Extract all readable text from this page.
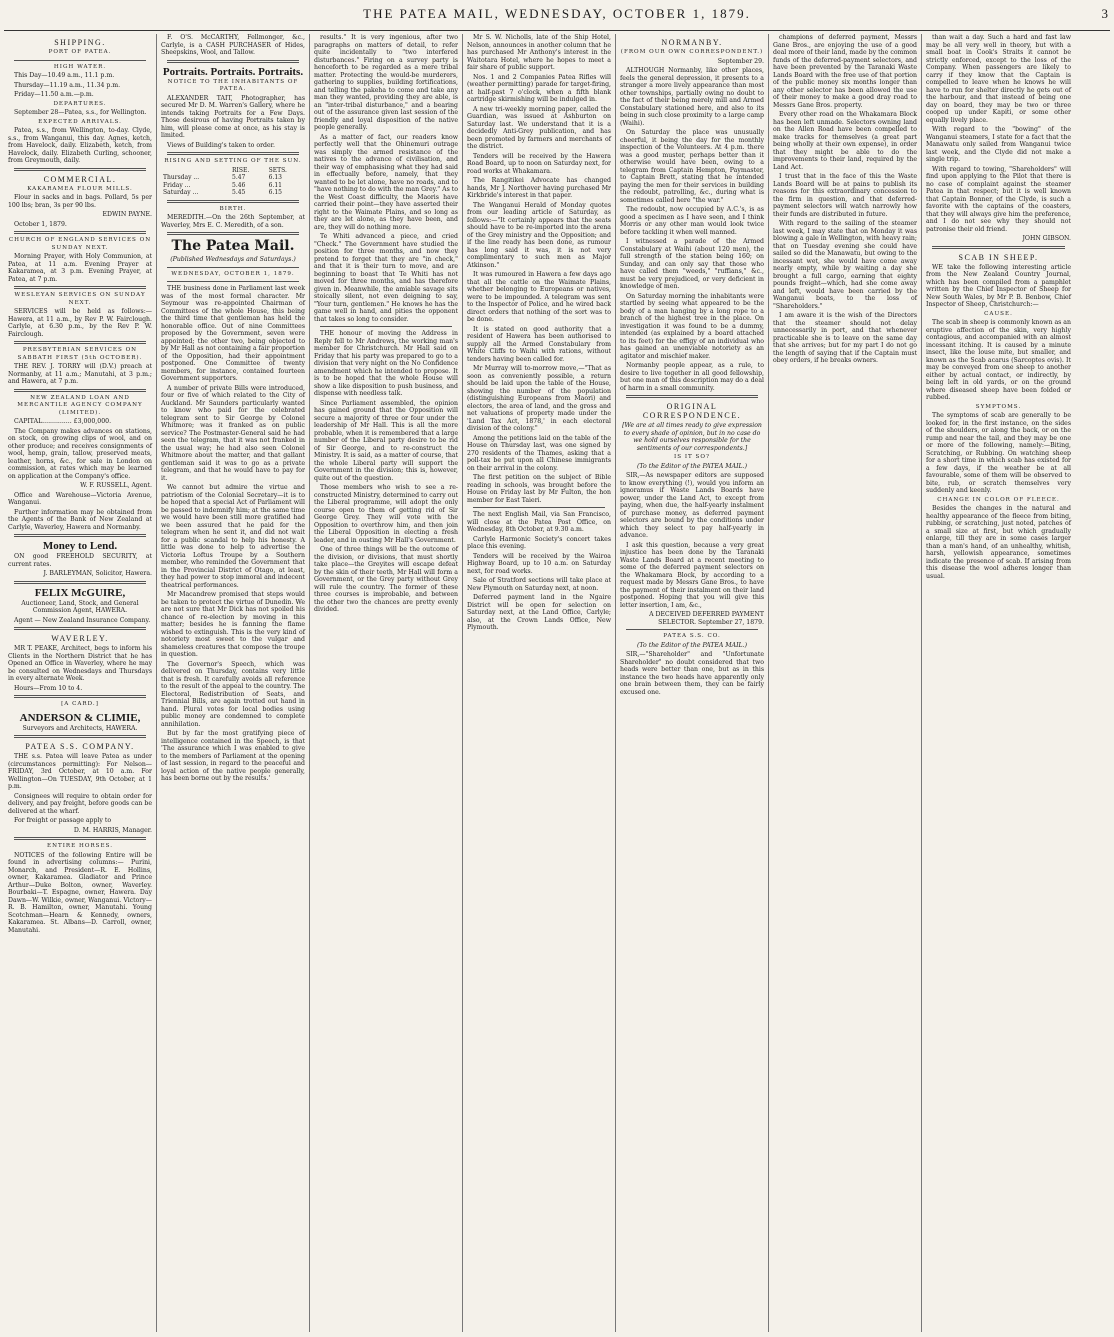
THE PATEA MAIL, WEDNESDAY, OCTOBER 1, 1879.	3
SHIPPING.
PORT OF PATEA.
HIGH WATER.

This Day—10.49 a.m., 11.1 p.m.

Thursday—11.19 a.m., 11.34 p.m.

Friday—11.50 a.m.—p.m.

DEPARTURES.

September 28—Patea, s.s., for Wellington.

EXPECTED ARRIVALS.

Patea, s.s., from Wellington, to-day. Clyde, s.s., from Wanganui, this day. Agnes, ketch, from Havelock, daily. Elizabeth, ketch, from Havelock, daily. Elizabeth Curling, schooner, from Greymouth, daily.

COMMERCIAL.
KAKARAMEA FLOUR MILLS.

Flour in sacks and in bags. Pollard, 5s per 100 lbs; bran, 3s per 90 lbs.

EDWIN PAYNE.

October 1, 1879.

CHURCH OF ENGLAND SERVICES ON SUNDAY NEXT.

Morning Prayer, with Holy Communion, at Patea, at 11 a.m. Evening Prayer at Kakaramea, at 3 p.m. Evening Prayer, at Patea, at 7 p.m.

WESLEYAN SERVICES ON SUNDAY NEXT.

SERVICES will be held as follows:— Hawera, at 11 a.m., by Rev P. W. Fairclough. Carlyle, at 6.30 p.m., by the Rev P. W. Fairclough.

PRESBYTERIAN SERVICES ON SABBATH FIRST (5th OCTOBER).

THE REV. J. TORRY will (D.V.) preach at Normanby, at 11 a.m.; Manutahi, at 3 p.m.; and Hawera, at 7 p.m.

NEW ZEALAND LOAN AND MERCANTILE AGENCY COMPANY (LIMITED).

CAPITAL............... £3,000,000.

The Company makes advances on stations, on stock, on growing clips of wool, and on other produce; and receives consignments of wool, hemp, grain, tallow, preserved meats, leather, horns, &c., for sale in London on commission, at rates which may be learned on application at the Company's office.

W. F. RUSSELL, Agent.

Office and Warehouse—Victoria Avenue, Wanganui.

Further information may be obtained from the Agents of the Bank of New Zealand at Carlyle, Waverley, Hawera and Normanby.

Money to Lend.

ON good FREEHOLD SECURITY, at current rates.

J. BARLEYMAN, Solicitor, Hawera.

FELIX McGUIRE,

Auctioneer, Land, Stock, and General Commission Agent, HAWERA.

Agent — New Zealand Insurance Company.

WAVERLEY.

MR T. PEAKE, Architect, begs to inform his Clients in the Northern District that he has Opened an Office in Waverley, where he may be consulted on Wednesdays and Thursdays in every alternate Week.

Hours—From 10 to 4.

[A CARD.]
ANDERSON & CLIMIE,

Surveyors and Architects, HAWERA.

PATEA S.S. COMPANY.

THE s.s. Patea will leave Patea as under (circumstances permitting): For Nelson—FRIDAY, 3rd October, at 10 a.m. For Wellington—On TUESDAY, 9th October, at 1 p.m.

Consignees will require to obtain order for delivery, and pay freight, before goods can be delivered at the wharf.

For freight or passage apply to

D. M. HARRIS, Manager.

ENTIRE HORSES.

NOTICES of the following Entire will be found in advertising columns:— Purini, Monarch, and President—R. E. Hollins, owner, Kakaramea. Gladiator and Prince Arthur—Duke Bolton, owner, Waverley. Bourbaki—T. Espagne, owner, Hawera. Day Dawn—W. Wilkie, owner, Wanganui. Victory—R. B. Hamilton, owner, Manutahi. Young Scotchman—Hearn & Kennedy, owners, Kakaramea. St. Albans—D. Carroll, owner, Manutahi.

F. O'S. McCARTHY, Fellmonger, &c., Carlyle, is a CASH PURCHASER of Hides, Sheepskins, Wool, and Tallow.

Portraits. Portraits. Portraits.
NOTICE TO THE INHABITANTS OF PATEA.

ALEXANDER TAIT, Photographer, has secured Mr D. M. Warren's Gallery, where he intends taking Portraits for a Few Days. Those desirous of having Portraits taken by him, will please come at once, as his stay is limited.

Views of Building's taken to order.

RISING AND SETTING OF THE SUN.
	RISE.	SETS.
Thursday ...	5.47	6.13
Friday ...	5.46	6.11
Saturday ...	5.45	6.15
BIRTH.

MEREDITH.—On the 26th September, at Waverley, Mrs E. C. Meredith, of a son.

The Patea Mail.

(Published Wednesdays and Saturdays.)

WEDNESDAY, OCTOBER 1, 1879.

THE business done in Parliament last week was of the most formal character. Mr Seymour was re-appointed Chairman of Committees of the whole House, this being the third time that gentleman has held the honorable office. Out of nine Committees proposed by the Government, seven were appointed; the other two, being objected to by Mr Hall as not containing a fair proportion of the Opposition, had their appointment postponed. One Committee of twenty members, for instance, contained fourteen Government supporters.

A number of private Bills were introduced, four or five of which related to the City of Auckland. Mr Saunders particularly wanted to know who paid for the celebrated telegram sent to Sir George by Colonel Whitmore; was it franked as on public service? The Postmaster-General said he had seen the telegram, that it was not franked in the usual way; he had also seen Colonel Whitmore about the matter, and that gallant gentleman said it was to go as a private telegram, and that he would have to pay for it.

We cannot but admire the virtue and patriotism of the Colonial Secretary—it is to be hoped that a special Act of Parliament will be passed to indemnify him; at the same time we would have been still more gratified had we been assured that he paid for the telegram when he sent it, and did not wait for a public scandal to help his honesty. A little was done to help to advertise the Victoria Loftus Troupe by a Southern member, who reminded the Government that in the Provincial District of Otago, at least, they had power to stop immoral and indecent theatrical performances.

Mr Macandrew promised that steps would be taken to protect the virtue of Dunedin. We are not sure that Mr Dick has not spoiled his chance of re-election by moving in this matter; besides he is fanning the flame wished to extinguish. This is the very kind of notoriety most sweet to the vulgar and shameless creatures that compose the troupe in question.

The Governor's Speech, which was delivered on Thursday, contains very little that is fresh. It carefully avoids all reference to the result of the appeal to the country. The Electoral, Redistribution of Seats, and Triennial Bills, are again trotted out hand in hand. Plural votes for local bodies using public money are condemned to complete annihilation.

But by far the most gratifying piece of intelligence contained in the Speech, is that 'The assurance which I was enabled to give to the members of Parliament at the opening of last session, in regard to the peaceful and loyal action of the native people generally, has been borne out by the results.'

results." It is very ingenious, after two paragraphs on matters of detail, to refer quite incidentally to "two interfered disturbances." Firing on a survey party is henceforth to be regarded as a mere tribal matter. Protecting the would-be murderers, gathering to supplies, building fortifications, and telling the pakeha to come and take any man they wanted, providing they are able, is an "inter-tribal disturbance," and a bearing out of the assurance given last session of the friendly and loyal disposition of the native people generally.

As a matter of fact, our readers know perfectly well that the Ohinemuri outrage was simply the armed resistance of the natives to the advance of civilisation, and their way of emphasising what they had said in effectually before, namely, that they wanted to be let alone, have no roads, and to "have nothing to do with the man Grey." As to the West Coast difficulty, the Maoris have carried their point—they have asserted their right to the Waimate Plains, and so long as they are let alone, as they have been, and are, they will do nothing more.

Te Whiti advanced a piece, and cried "Check." The Government have studied the position for three months, and now they pretend to forget that they are "in check," and that it is their turn to move, and are beginning to boast that Te Whiti has not moved for three months, and has therefore given in. Meanwhile, the amiable savage sits stoically silent, not even deigning to say, "Your turn, gentlemen." He knows he has the game well in hand, and pities the opponent that takes so long to consider.

THE honour of moving the Address in Reply fell to Mr Andrews, the working man's member for Christchurch. Mr Hall said on Friday that his party was prepared to go to a division that very night on the No Confidence amendment which he intended to propose. It is to be hoped that the whole House will show a like disposition to push business, and dispense with needless talk.

Since Parliament assembled, the opinion has gained ground that the Opposition will secure a majority of three or four under the leadership of Mr Hall. This is all the more probable, when it is remembered that a large number of the Liberal party desire to be rid of Sir George, and to re-construct the Ministry. It is said, as a matter of course, that the whole Liberal party will support the Government in the division; this is, however, quite out of the question.

Those members who wish to see a re-constructed Ministry, determined to carry out the Liberal programme, will adopt the only course open to them of getting rid of Sir George Grey. They will vote with the Opposition to overthrow him, and then join the Liberal Opposition in electing a fresh leader, and in ousting Mr Hall's Government.

One of three things will be the outcome of the division, or divisions, that must shortly take place—the Greyites will escape defeat by the skin of their teeth, Mr Hall will form a Government, or the Grey party without Grey will rule the country. The former of these three courses is improbable, and between the other two the chances are pretty evenly divided.

Mr S. W. Nicholls, late of the Ship Hotel, Nelson, announces in another column that he has purchased Mr Anthony's interest in the Waitotara Hotel, where he hopes to meet a fair share of public support.

Nos. 1 and 2 Companies Patea Rifles will (weather permitting) parade for target-firing, at half-past 7 o'clock, when a fifth blank cartridge skirmishing will be indulged in.

A new tri-weekly morning paper, called the Guardian, was issued at Ashburton on Saturday last. We understand that it is a decidedly Anti-Grey publication, and has been promoted by farmers and merchants of the district.

Tenders will be received by the Hawera Road Board, up to noon on Saturday next, for road works at Whakamara.

The Rangitikei Advocate has changed hands, Mr J. Northover having purchased Mr Kirkbride's interest in that paper.

The Wanganui Herald of Monday quotes from our leading article of Saturday, as follows:—"It certainly appears that the seats should have to be re-imported into the arena of the Grey ministry and the Opposition; and if the line ready has been done, as rumour has long said it was, it is not very complimentary to such men as Major Atkinson."

It was rumoured in Hawera a few days ago that all the cattle on the Waimate Plains, whether belonging to Europeans or natives, were to be impounded. A telegram was sent to the Inspector of Police, and he wired back direct orders that nothing of the sort was to be done.

It is stated on good authority that a resident of Hawera has been authorised to supply all the Armed Constabulary from White Cliffs to Waihi with rations, without tenders having been called for.

Mr Murray will to-morrow move,—"That as soon as conveniently possible, a return should be laid upon the table of the House, showing the number of the population (distinguishing Europeans from Maori) and electors, the area of land, and the gross and net valuations of property made under the 'Land Tax Act, 1878,' in each electoral division of the colony."

Among the petitions laid on the table of the House on Thursday last, was one signed by 270 residents of the Thames, asking that a poll-tax be put upon all Chinese immigrants on their arrival in the colony.

The first petition on the subject of Bible reading in schools, was brought before the House on Friday last by Mr Fulton, the hon member for East Taieri.

The next English Mail, via San Francisco, will close at the Patea Post Office, on Wednesday, 8th October, at 9.30 a.m.

Carlyle Harmonic Society's concert takes place this evening.

Tenders will be received by the Wairoa Highway Board, up to 10 a.m. on Saturday next, for road works.

Sale of Stratford sections will take place at New Plymouth on Saturday next, at noon.

Deferred payment land in the Ngaire District will be open for selection on Saturday next, at the Land Office, Carlyle; also, at the Crown Lands Office, New Plymouth.

NORMANBY.
(FROM OUR OWN CORRESPONDENT.)

September 29.

ALTHOUGH Normanby, like other places, feels the general depression, it presents to a stranger a more lively appearance than most other townships, partially owing no doubt to the fact of their being merely mill and Armed Constabulary stationed here, and also to its being in such close proximity to a large camp (Waihi).

On Saturday the place was unusually cheerful, it being the day for the monthly inspection of the Volunteers. At 4 p.m. there was a good muster, perhaps better than it otherwise would have been, owing to a telegram from Captain Hempton, Paymaster, to Captain Brett, stating that he intended paying the men for their services in building the redoubt, patrolling, &c., during what is sometimes called here "the war."

The redoubt, now occupied by A.C.'s, is as good a specimen as I have seen, and I think Morris or any other man would look twice before tackling it when well manned.

I witnessed a parade of the Armed Constabulary at Waihi (about 120 men), the full strength of the station being 160; on Sunday, and can only say that those who have called them "weeds," "ruffians," &c., must be very prejudiced, or very deficient in knowledge of men.

On Saturday morning the inhabitants were startled by seeing what appeared to be the body of a man hanging by a long rope to a branch of the highest tree in the place. On investigation it was found to be a dummy, intended (as explained by a board attached to its feet) for the effigy of an individual who has gained an unenviable notoriety as an agitator and mischief maker.

Normanby people appear, as a rule, to desire to live together in all good fellowship, but one man of this description may do a deal of harm in a small community.

ORIGINAL CORRESPONDENCE.

[We are at all times ready to give expression to every shade of opinion, but in no case do we hold ourselves responsible for the sentiments of our correspondents.]

IS IT SO?

(To the Editor of the PATEA MAIL.)

SIR,—As newspaper editors are supposed to know everything (!), would you inform an ignoramus if Waste Lands Boards have power, under the Land Act, to except from paying, when due, the half-yearly instalment of purchase money, as deferred payment selectors are bound by the conditions under which they select to pay half-yearly in advance.

I ask this question, because a very great injustice has been done by the Taranaki Waste Lands Board at a recent meeting to some of the deferred payment selectors on the Whakamara Block, by according to a request made by Messrs Gane Bros., to have the payment of their instalment on their land postponed. Hoping that you will give this letter insertion, I am, &c.,

A DECEIVED DEFERRED PAYMENT SELECTOR. September 27, 1879.

PATEA S.S. CO.

(To the Editor of the PATEA MAIL.)

SIR,—"Shareholder" and "Unfortunate Shareholder" no doubt considered that two heads were better than one, but as in this instance the two heads have apparently only one brain between them, they can be fairly excused one.

champions of deferred payment, Messrs Gane Bros., are enjoying the use of a good deal more of their land, made by the common funds of the deferred-payment selectors, and have been prevented by the Taranaki Waste Lands Board with the free use of that portion of the public money six months longer than any other selector has been allowed the use of their money to make a good dray road to Messrs Gane Bros. property.

Every other road on the Whakamara Block has been left unmade. Selectors owning land on the Allen Road have been compelled to make tracks for themselves (a great part being wholly at their own expense), in order that they might be able to do the improvements to their land, required by the Land Act.

I trust that in the face of this the Waste Lands Board will be at pains to publish its reasons for this extraordinary concession to the firm in question, and that deferred-payment selectors will watch narrowly how their funds are distributed in future.

With regard to the sailing of the steamer last week, I may state that on Monday it was blowing a gale in Wellington, with heavy rain; that on Tuesday evening she could have sailed so did the Manawatu, but owing to the incessant wet, she would have come away nearly empty, while by waiting a day she brought a full cargo, earning that eighty pounds freight—which, had she come away and left, would have been carried by the Wanganui boats, to the loss of "Shareholders."

I am aware it is the wish of the Directors that the steamer should not delay unnecessarily in port, and that whenever practicable she is to leave on the same day that she arrives; but for my part I do not go the length of saying that if the Captain must obey orders, if he breaks owners.

than wait a day. Such a hard and fast law may be all very well in theory, but with a small boat in Cook's Straits it cannot be strictly enforced, except to the loss of the Company. When passengers are likely to carry if they know that the Captain is compelled to leave when he knows he will have to run for shelter directly he gets out of the harbour, and that instead of being one day on board, they may be two or three cooped up under Kapiti, or some other equally lively place.

With regard to the "bowing" of the Wanganui steamers, I state for a fact that the Manawatu only sailed from Wanganui twice last week, and the Clyde did not make a single trip.

With regard to towing, "Shareholders" will find upon applying to the Pilot that there is no case of complaint against the steamer Patea in that respect; but it is well known that Captain Bonner, of the Clyde, is such a favorite with the captains of the coasters, that they will always give him the preference, and I do not see why they should not patronise their old friend.

JOHN GIBSON.

SCAB IN SHEEP.

WE take the following interesting article from the New Zealand Country Journal, which has been compiled from a pamphlet written by the Chief Inspector of Sheep for New South Wales, by Mr P. B. Benbow, Chief Inspector of Sheep, Christchurch:—

CAUSE.

The scab in sheep is commonly known as an eruptive affection of the skin, very highly contagious, and accompanied with an almost incessant itching. It is caused by a minute insect, like the louse mite, but smaller, and known as the Scab acarus (Sarcoptes ovis). It may be conveyed from one sheep to another either by actual contact, or indirectly, by being left in old yards, or on the ground where diseased sheep have been folded or rubbed.

SYMPTOMS.

The symptoms of scab are generally to be looked for, in the first instance, on the sides of the shoulders, or along the back, or on the rump and near the tail, and they may be one or more of the following, namely:—Biting, Scratching, or Rubbing. On watching sheep for a short time in which scab has existed for a few days, if the weather be at all favourable, some of them will be observed to bite, rub, or scratch themselves very suddenly and keenly.

CHANGE IN COLOR OF FLEECE.

Besides the changes in the natural and healthy appearance of the fleece from biting, rubbing, or scratching, just noted, patches of a small size at first, but which gradually enlarge, till they are in some cases larger than a man's hand, of an unhealthy, whitish, harsh, yellowish appearance, sometimes indicate the presence of scab. If arising from this disease the wool adheres longer than usual.
